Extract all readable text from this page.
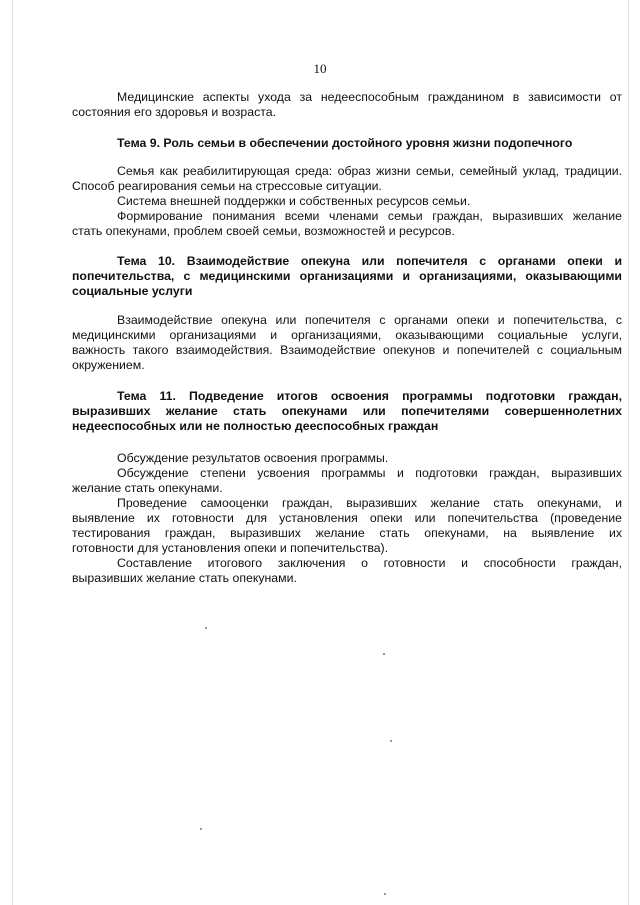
10
Медицинские аспекты ухода за недееспособным гражданином в зависимости от
состояния его здоровья и возраста.
Тема 9. Роль семьи в обеспечении достойного уровня жизни подопечного
Семья как реабилитирующая среда: образ жизни семьи, семейный уклад, традиции.
Способ реагирования семьи на стрессовые ситуации.
Система внешней поддержки и собственных ресурсов семьи.
Формирование понимания всеми членами семьи граждан, выразивших желание
стать опекунами, проблем своей семьи, возможностей и ресурсов.
Тема 10. Взаимодействие опекуна или попечителя с органами опеки и
попечительства, с медицинскими организациями и организациями, оказывающими
социальные услуги
Взаимодействие опекуна или попечителя с органами опеки и попечительства, с
медицинскими организациями и организациями, оказывающими социальные услуги,
важность такого взаимодействия. Взаимодействие опекунов и попечителей с социальным
окружением.
Тема 11. Подведение итогов освоения программы подготовки граждан,
выразивших желание стать опекунами или попечителями совершеннолетних
недееспособных или не полностью дееспособных граждан
Обсуждение результатов освоения программы.
Обсуждение степени усвоения программы и подготовки граждан, выразивших
желание стать опекунами.
Проведение самооценки граждан, выразивших желание стать опекунами, и
выявление их готовности для установления опеки или попечительства (проведение
тестирования граждан, выразивших желание стать опекунами, на выявление их
готовности для установления опеки и попечительства).
Составление итогового заключения о готовности и способности граждан,
выразивших желание стать опекунами.
